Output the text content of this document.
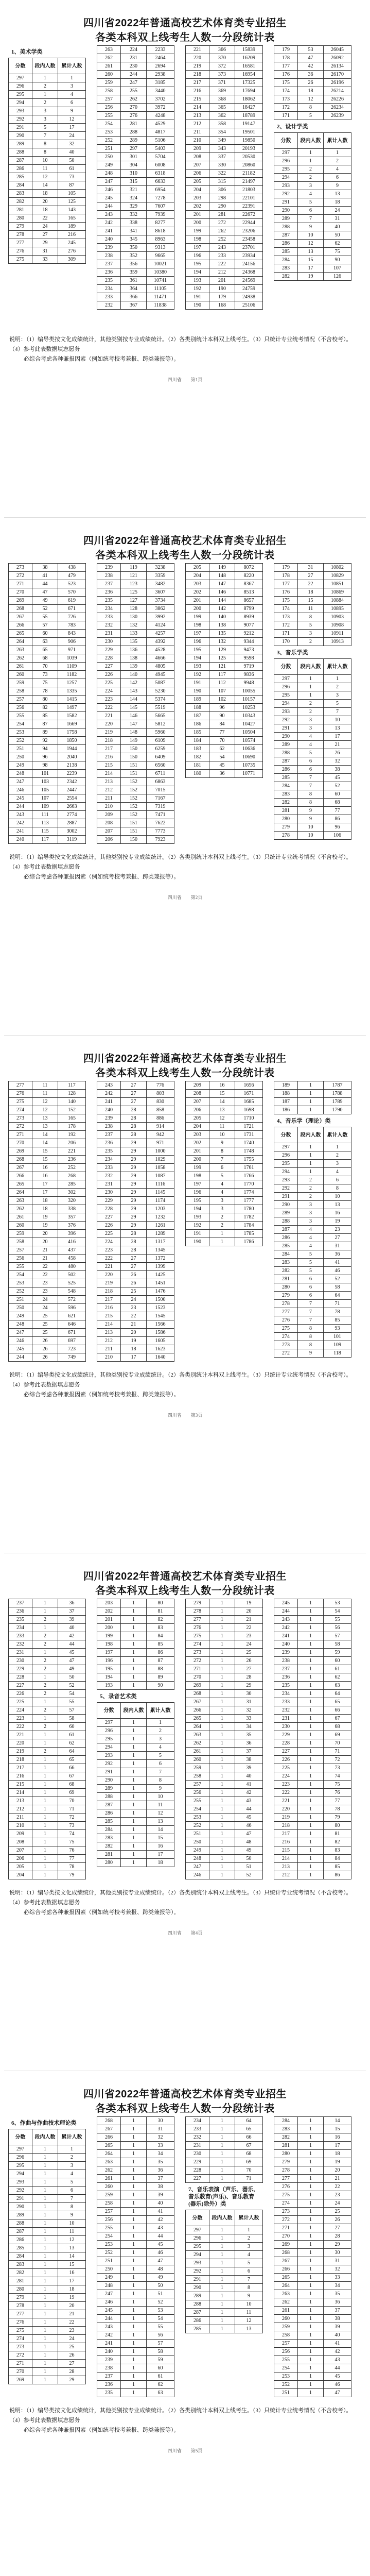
四川省2022年普通高校艺术体育类专业招生
各类本科双上线考生人数一分段统计表
1、美术学类
分数	段内人数	累计人数
297	1	1
296	2	3
295	1	4
294	2	6
293	3	9
292	3	12
291	5	17
290	7	24
289	8	32
288	8	40
287	10	50
286	11	61
285	12	73
284	14	87
283	18	105
282	20	125
281	18	143
280	22	165
279	24	189
278	27	216
277	29	245
276	31	276
275	33	309
263	224	2233
262	231	2464
261	230	2694
260	244	2938
259	247	3185
258	255	3440
257	262	3702
256	270	3972
255	276	4248
254	281	4529
253	288	4817
252	289	5106
251	297	5403
250	301	5704
249	304	6008
248	310	6318
247	315	6633
246	321	6954
245	324	7278
244	329	7607
243	332	7939
242	338	8277
241	341	8618
240	345	8963
239	350	9313
238	352	9665
237	356	10021
236	359	10380
235	361	10741
234	364	11105
233	366	11471
232	367	11838
221	366	15839
220	370	16209
219	372	16581
218	373	16954
217	371	17325
216	369	17694
215	368	18062
214	365	18427
213	362	18789
212	358	19147
211	354	19501
210	349	19850
209	343	20193
208	337	20530
207	330	20860
206	322	21182
205	315	21497
204	306	21803
203	298	22101
202	290	22391
201	281	22672
200	272	22944
199	262	23206
198	252	23458
197	243	23701
196	233	23934
195	222	24156
194	212	24368
193	201	24569
192	190	24759
191	179	24938
190	168	25106
179	53	26045
178	47	26092
177	42	26134
176	36	26170
175	26	26196
174	18	26214
173	12	26226
172	8	26234
171	5	26239
2、设计学类
分数	段内人数	累计人数
297	1	1
296	1	2
295	2	4
294	2	6
293	3	9
292	4	13
291	5	18
290	6	24
289	7	31
288	9	40
287	10	50
286	12	62
285	13	75
284	15	90
283	17	107
282	19	126
说明：（1）编导类按文化成绩统计，其他类别按专业成绩统计。（2）各类别统计本科双上线考生。（3）只统计专业统考情况（不含校考）。（4）参考此表数据填志愿务
必综合考虑各种兼报因素（例如统考校考兼报、跨类兼报等）。
四川省　　第1页
四川省2022年普通高校艺术体育类专业招生
各类本科双上线考生人数一分段统计表
273	38	438
272	41	479
271	44	523
270	47	570
269	49	619
268	52	671
267	55	726
266	57	783
265	60	843
264	63	906
263	65	971
262	68	1039
261	70	1109
260	73	1182
259	75	1257
258	78	1335
257	80	1415
256	82	1497
255	85	1582
254	87	1669
253	89	1758
252	92	1850
251	94	1944
250	96	2040
249	98	2138
248	101	2239
247	103	2342
246	105	2447
245	107	2554
244	109	2663
243	111	2774
242	113	2887
241	115	3002
240	117	3119
239	119	3238
238	121	3359
237	123	3482
236	125	3607
235	127	3734
234	128	3862
233	130	3992
232	132	4124
231	133	4257
230	135	4392
229	136	4528
228	138	4666
227	139	4805
226	140	4945
225	142	5087
224	143	5230
223	144	5374
222	145	5519
221	146	5665
220	147	5812
219	148	5960
218	149	6109
217	150	6259
216	150	6409
215	151	6560
214	151	6711
213	152	6863
212	152	7015
211	152	7167
210	152	7319
209	152	7471
208	151	7622
207	151	7773
206	150	7923
205	149	8072
204	148	8220
203	147	8367
202	146	8513
201	144	8657
200	142	8799
199	140	8939
198	138	9077
197	135	9212
196	132	9344
195	129	9473
194	125	9598
193	121	9719
192	117	9836
191	112	9948
190	107	10055
189	102	10157
188	96	10253
187	90	10343
186	84	10427
185	77	10504
184	70	10574
183	62	10636
182	54	10690
181	45	10735
180	36	10771
179	31	10802
178	27	10829
177	22	10851
176	18	10869
175	15	10884
174	11	10895
173	8	10903
172	5	10908
171	3	10911
170	2	10913
3、音乐学类
分数	段内人数	累计人数
297	1	1
296	1	2
295	1	3
294	2	5
293	2	7
292	3	10
291	3	13
290	4	17
289	4	21
288	5	26
287	6	32
286	6	38
285	7	45
284	7	52
283	8	60
282	8	68
281	9	77
280	9	86
279	10	96
278	10	106
说明：（1）编导类按文化成绩统计，其他类别按专业成绩统计。（2）各类别统计本科双上线考生。（3）只统计专业统考情况（不含校考）。（4）参考此表数据填志愿务
必综合考虑各种兼报因素（例如统考校考兼报、跨类兼报等）。
四川省　　第2页
四川省2022年普通高校艺术体育类专业招生
各类本科双上线考生人数一分段统计表
277	11	117
276	11	128
275	12	140
274	12	152
273	13	165
272	13	178
271	14	192
270	14	206
269	15	221
268	15	236
267	16	252
266	16	268
265	17	285
264	17	302
263	18	320
262	18	338
261	19	357
260	19	376
259	20	396
258	20	416
257	21	437
256	21	458
255	22	480
254	22	502
253	23	525
252	23	548
251	24	572
250	24	596
249	25	621
248	25	646
247	25	671
246	26	697
245	26	723
244	26	749
243	27	776
242	27	803
241	27	830
240	28	858
239	28	886
238	28	914
237	28	942
236	29	971
235	29	1000
234	29	1029
233	29	1058
232	29	1087
231	29	1116
230	29	1145
229	29	1174
228	29	1203
227	29	1232
226	29	1261
225	28	1289
224	28	1317
223	28	1345
222	27	1372
221	27	1399
220	26	1425
219	26	1451
218	25	1476
217	24	1500
216	23	1523
215	22	1545
214	21	1566
213	20	1586
212	19	1605
211	18	1623
210	17	1640
209	16	1656
208	15	1671
207	14	1685
206	13	1698
205	12	1710
204	11	1721
203	10	1731
202	9	1740
201	8	1748
200	7	1755
199	6	1761
198	5	1766
197	4	1770
196	4	1774
195	3	1777
194	3	1780
193	2	1782
192	2	1784
191	1	1785
190	1	1786
189	1	1787
188	1	1788
187	1	1789
186	1	1790
4、音乐学（理论）类
分数	段内人数	累计人数
297	1	1
296	1	2
295	1	3
294	1	4
293	2	6
292	2	8
291	2	10
290	3	13
289	3	16
288	3	19
287	4	23
286	4	27
285	4	31
284	5	36
283	5	41
282	5	46
281	6	52
280	6	58
279	6	64
278	7	71
277	7	78
276	7	85
275	8	93
274	8	101
273	8	109
272	9	118
说明：（1）编导类按文化成绩统计，其他类别按专业成绩统计。（2）各类别统计本科双上线考生。（3）只统计专业统考情况（不含校考）。（4）参考此表数据填志愿务
必综合考虑各种兼报因素（例如统考校考兼报、跨类兼报等）。
四川省　　第3页
四川省2022年普通高校艺术体育类专业招生
各类本科双上线考生人数一分段统计表
237	1	36
236	1	37
235	2	39
234	1	40
233	2	42
232	2	44
231	1	45
230	2	47
229	2	49
228	1	50
227	2	52
226	2	54
225	1	55
224	2	57
223	1	58
222	2	60
221	1	61
220	1	62
219	2	64
218	1	65
217	1	66
216	1	67
215	1	68
214	1	69
213	1	70
212	1	71
211	1	72
210	1	73
209	1	74
208	1	75
207	1	76
206	1	77
205	1	78
204	1	79
203	1	80
202	1	81
201	1	82
200	1	83
199	1	84
198	1	85
197	1	86
196	1	87
195	1	88
194	1	89
193	1	90
5、录音艺术类
分数	段内人数	累计人数
297	1	1
296	1	2
295	1	3
294	1	4
293	1	5
292	1	6
291	1	7
290	1	8
289	1	9
288	1	10
287	1	11
286	1	12
285	1	13
284	1	14
283	1	15
282	1	16
281	1	17
280	1	18
279	1	19
278	1	20
277	1	21
276	1	22
275	1	23
274	1	24
273	1	25
272	1	26
271	1	27
270	1	28
269	1	29
268	1	30
267	1	31
266	1	32
265	1	33
264	1	34
263	1	35
262	1	36
261	1	37
260	1	38
259	1	39
258	1	40
257	1	41
256	1	42
255	1	43
254	1	44
253	1	45
252	1	46
251	1	47
250	1	48
249	1	49
248	1	50
247	1	51
246	1	52
245	1	53
244	1	54
243	1	55
242	1	56
241	1	57
240	1	58
239	1	59
238	1	60
237	1	61
236	1	62
235	1	63
234	1	64
233	1	65
232	1	66
231	1	67
230	1	68
229	1	69
228	1	70
227	1	71
226	1	72
225	1	73
224	1	74
223	1	75
222	1	76
221	1	77
220	1	78
219	1	79
218	1	80
217	1	81
216	1	82
215	1	83
214	1	84
213	1	85
212	1	86
说明：（1）编导类按文化成绩统计，其他类别按专业成绩统计。（2）各类别统计本科双上线考生。（3）只统计专业统考情况（不含校考）。（4）参考此表数据填志愿务
必综合考虑各种兼报因素（例如统考校考兼报、跨类兼报等）。
四川省　　第4页
四川省2022年普通高校艺术体育类专业招生
各类本科双上线考生人数一分段统计表
6、作曲与作曲技术理论类
分数	段内人数	累计人数
297	1	1
296	1	2
295	1	3
294	1	4
293	1	5
292	1	6
291	1	7
290	1	8
289	1	9
288	1	10
287	1	11
286	1	12
285	1	13
284	1	14
283	1	15
282	1	16
281	1	17
280	1	18
279	1	19
278	1	20
277	1	21
276	1	22
275	1	23
274	1	24
273	1	25
272	1	26
271	1	27
270	1	28
269	1	29
268	1	30
267	1	31
266	1	32
265	1	33
264	1	34
263	1	35
262	1	36
261	1	37
260	1	38
259	1	39
258	1	40
257	1	41
256	1	42
255	1	43
254	1	44
253	1	45
252	1	46
251	1	47
250	1	48
249	1	49
248	1	50
247	1	51
246	1	52
245	1	53
244	1	54
243	1	55
242	1	56
241	1	57
240	1	58
239	1	59
238	1	60
237	1	61
236	1	62
235	1	63
234	1	64
233	1	65
232	1	66
231	1	67
230	1	68
229	1	69
228	1	70
227	1	71
7、音乐表演（声乐、器乐、音乐教育(声乐)、音乐教育(器乐)除外）类
分数	段内人数	累计人数
297	1	1
296	1	2
295	1	3
294	1	4
293	1	5
292	1	6
291	1	7
290	1	8
289	1	9
288	1	10
287	1	11
286	1	12
285	1	13
284	1	14
283	1	15
282	1	16
281	1	17
280	1	18
279	1	19
278	1	20
277	1	21
276	1	22
275	1	23
274	1	24
273	1	25
272	1	26
271	1	27
270	1	28
269	1	29
268	1	30
267	1	31
266	1	32
265	1	33
264	1	34
263	1	35
262	1	36
261	1	37
260	1	38
259	1	39
258	1	40
257	1	41
256	1	42
255	1	43
254	1	44
253	1	45
252	1	46
251	1	47
说明：（1）编导类按文化成绩统计，其他类别按专业成绩统计。（2）各类别统计本科双上线考生。（3）只统计专业统考情况（不含校考）。（4）参考此表数据填志愿务
必综合考虑各种兼报因素（例如统考校考兼报、跨类兼报等）。
四川省　　第5页
